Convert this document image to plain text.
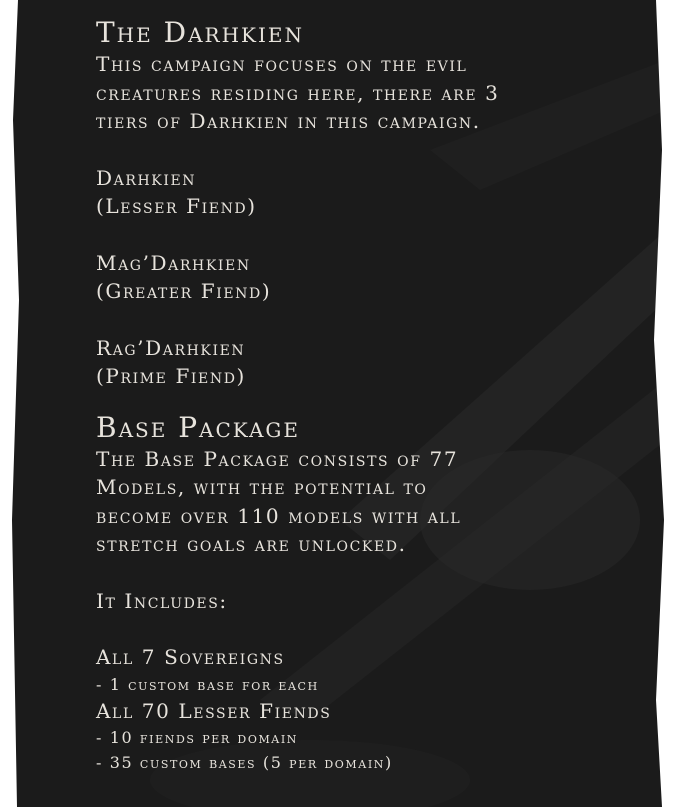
The Darhkien
This campaign focuses on the evil
creatures residing here, there are 3
tiers of Darhkien in this campaign.
Darhkien
(Lesser Fiend)
Mag’Darhkien
(Greater Fiend)
Rag’Darhkien
(Prime Fiend)
Base Package
The Base Package consists of 77
Models, with the potential to
become over 110 models with all
stretch goals are unlocked.
It Includes:
All 7 Sovereigns
- 1 custom base for each
All 70 Lesser Fiends
- 10 fiends per domain
- 35 custom bases (5 per domain)
